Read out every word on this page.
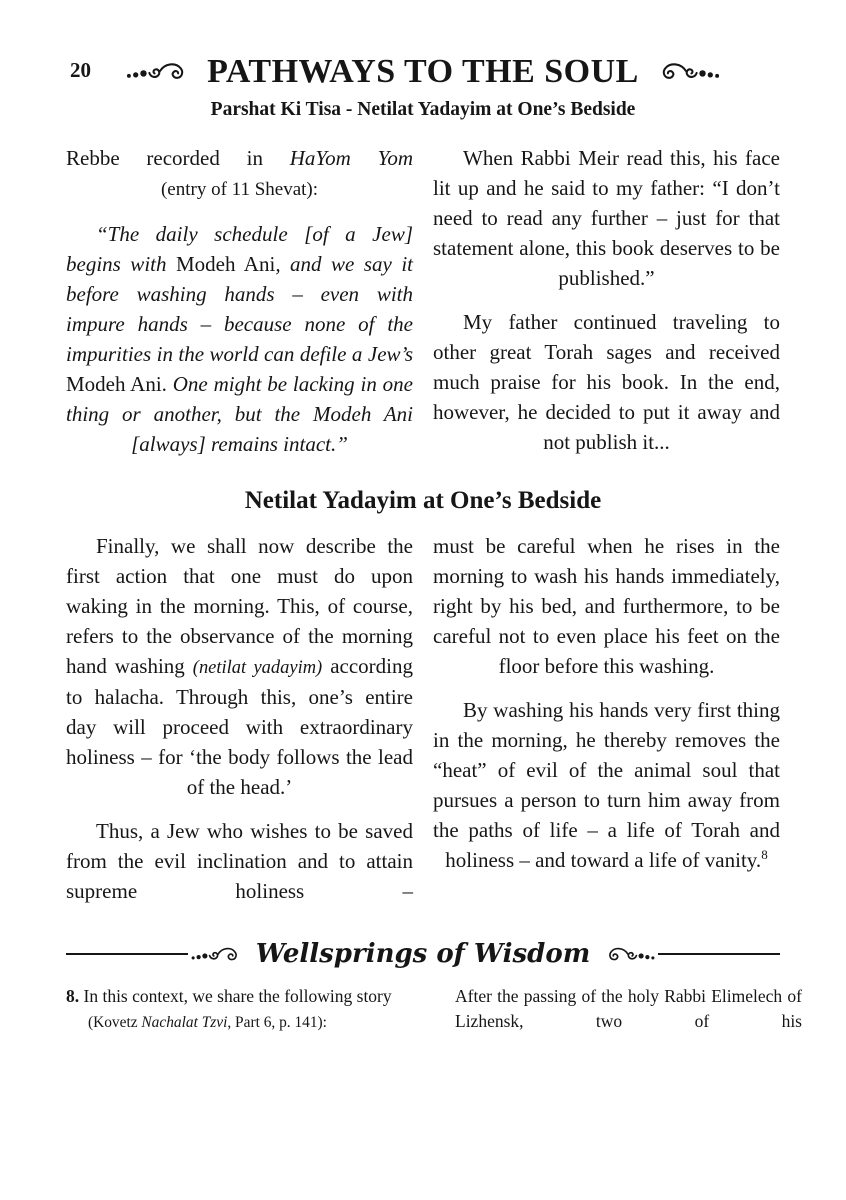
20	PATHWAYS TO THE SOUL
Parshat Ki Tisa - Netilat Yadayim at One’s Bedside

Rebbe recorded in HaYom Yom

(entry of 11 Shevat):

“The daily schedule [of a Jew] begins with Modeh Ani, and we say it before washing hands – even with impure hands – because none of the impurities in the world can defile a Jew’s Modeh Ani. One might be lacking in one thing or another, but the Modeh Ani [always] remains intact.”

When Rabbi Meir read this, his face lit up and he said to my father: “I don’t need to read any further – just for that statement alone, this book deserves to be published.”

My father continued traveling to other great Torah sages and received much praise for his book. In the end, however, he decided to put it away and not publish it...

Netilat Yadayim at One’s Bedside

Finally, we shall now describe the first action that one must do upon waking in the morning. This, of course, refers to the observance of the morning hand washing (netilat yadayim) according to halacha. Through this, one’s entire day will proceed with extraordinary holiness – for ‘the body follows the lead of the head.’

Thus, a Jew who wishes to be saved from the evil inclination and to attain supreme holiness –

must be careful when he rises in the morning to wash his hands immediately, right by his bed, and furthermore, to be careful not to even place his feet on the floor before this washing.

By washing his hands very first thing in the morning, he thereby removes the “heat” of evil of the animal soul that pursues a person to turn him away from the paths of life – a life of Torah and holiness – and toward a life of vanity.$^8$

Wellsprings of Wisdom
8. In this context, we share the following story (Kovetz Nachalat Tzvi, Part 6, p. 141):
After the passing of the holy Rabbi Elimelech of Lizhensk, two of his
